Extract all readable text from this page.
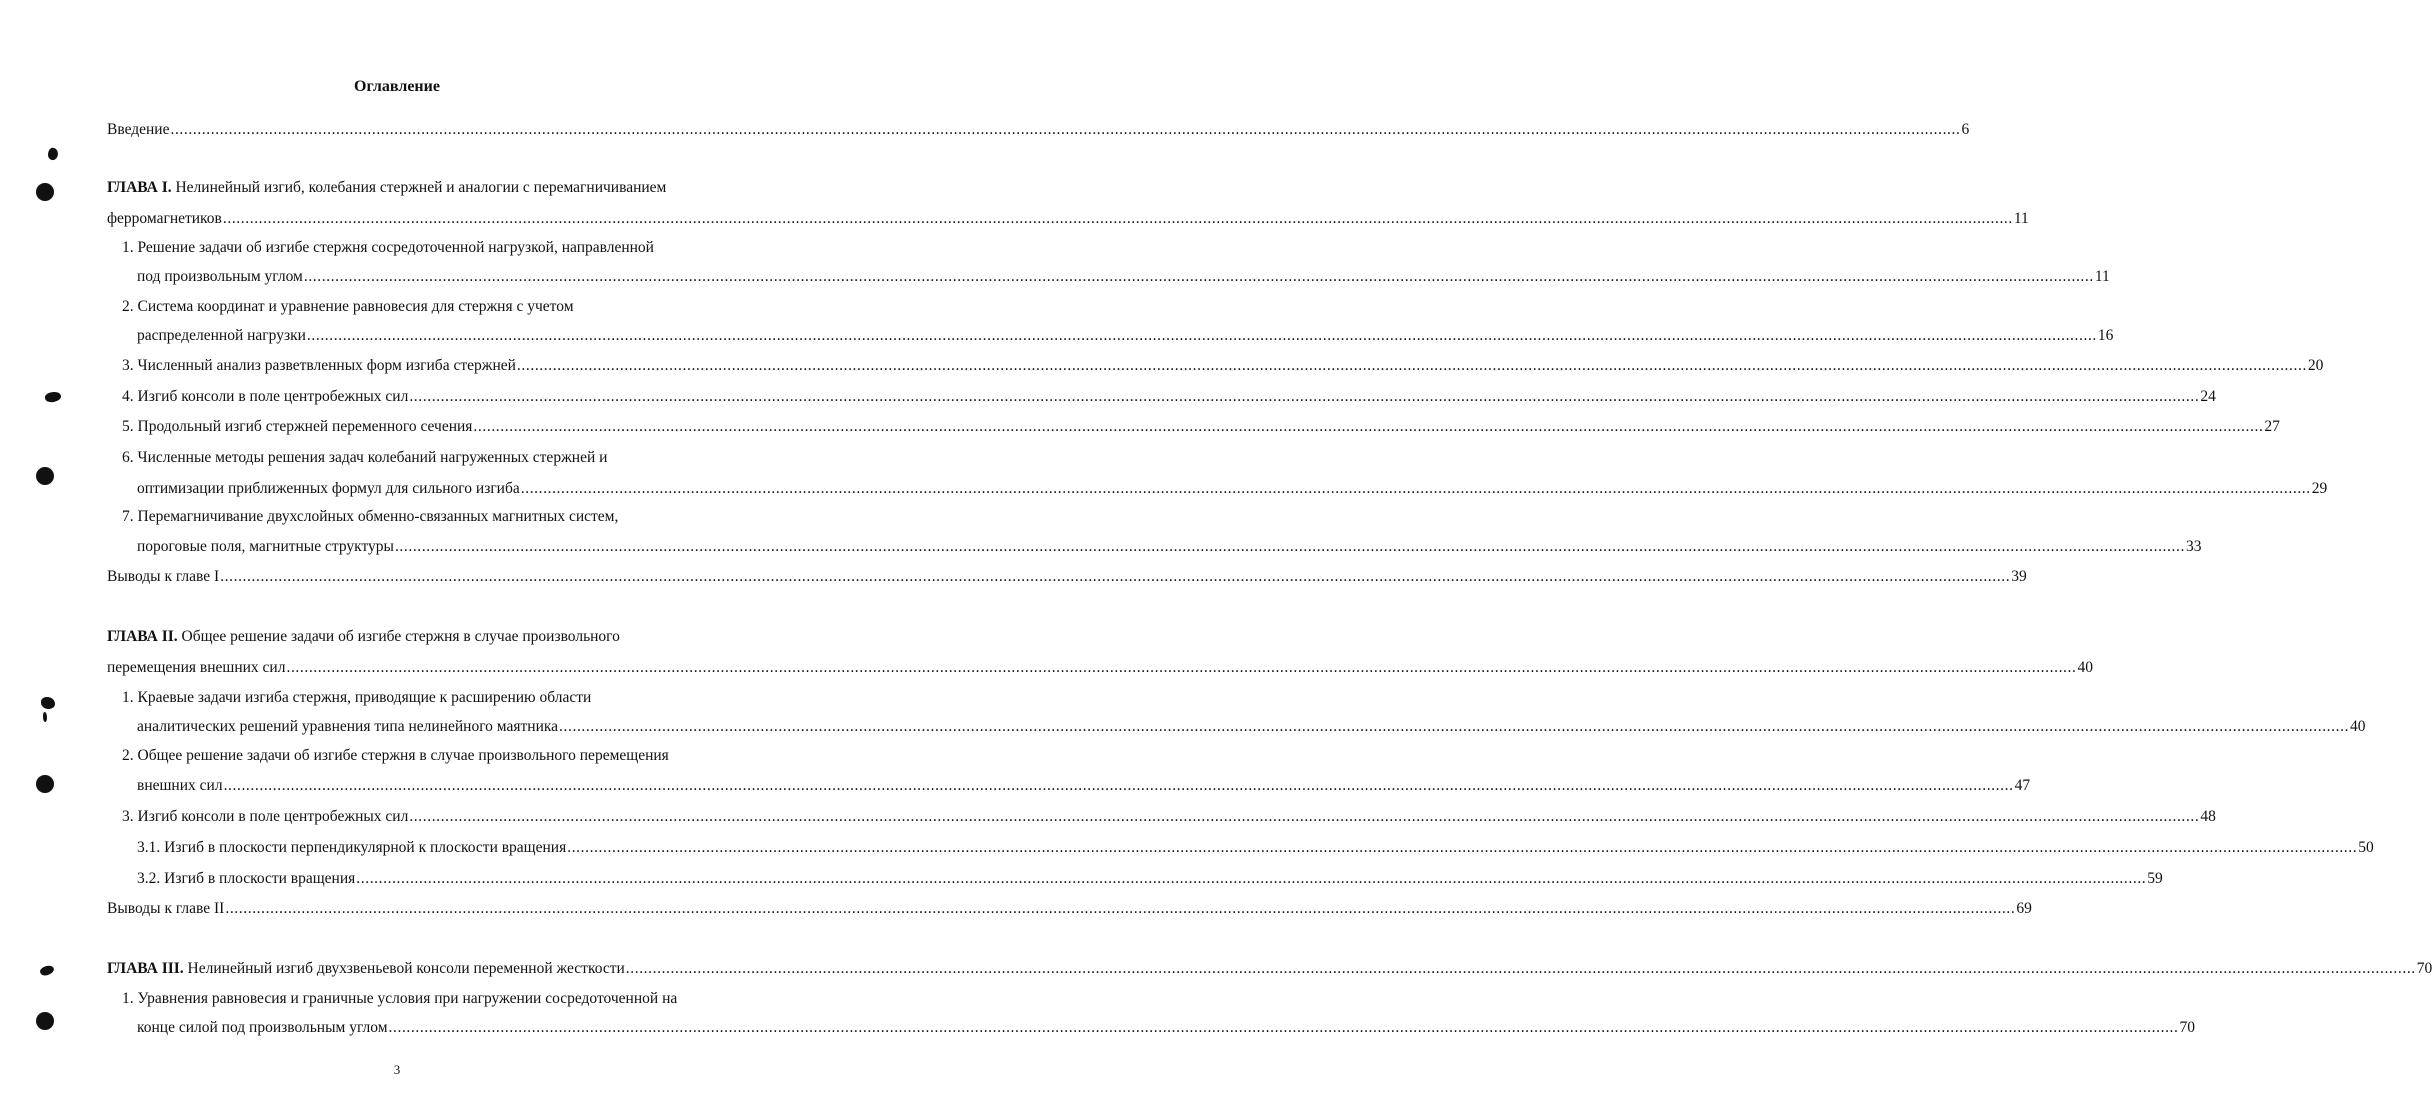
Оглавление
Введение ................................................................................................................................................................................................................................................................................................................................................................................................................ 6
ГЛАВА I. Нелинейный изгиб, колебания стержней и аналогии с перемагничиванием
ферромагнетиков ................................................................................................................................................................................................................................................................................................................................................................................................................ 11
1. Решение задачи об изгибе стержня сосредоточенной нагрузкой, направленной
под произвольным углом ................................................................................................................................................................................................................................................................................................................................................................................................................ 11
2. Система координат и уравнение равновесия для стержня с учетом
распределенной нагрузки ................................................................................................................................................................................................................................................................................................................................................................................................................ 16
3. Численный анализ разветвленных форм изгиба стержней ................................................................................................................................................................................................................................................................................................................................................................................................................ 20
4. Изгиб консоли в поле центробежных сил ................................................................................................................................................................................................................................................................................................................................................................................................................ 24
5. Продольный изгиб стержней переменного сечения ................................................................................................................................................................................................................................................................................................................................................................................................................ 27
6. Численные методы решения задач колебаний нагруженных стержней и
оптимизации приближенных формул для сильного изгиба ................................................................................................................................................................................................................................................................................................................................................................................................................ 29
7. Перемагничивание двухслойных обменно-связанных магнитных систем,
пороговые поля, магнитные структуры ................................................................................................................................................................................................................................................................................................................................................................................................................ 33
Выводы к главе I ................................................................................................................................................................................................................................................................................................................................................................................................................ 39
ГЛАВА II. Общее решение задачи об изгибе стержня в случае произвольного
перемещения внешних сил ................................................................................................................................................................................................................................................................................................................................................................................................................ 40
1. Краевые задачи изгиба стержня, приводящие к расширению области
аналитических решений уравнения типа нелинейного маятника ................................................................................................................................................................................................................................................................................................................................................................................................................ 40
2. Общее решение задачи об изгибе стержня в случае произвольного перемещения
внешних сил ................................................................................................................................................................................................................................................................................................................................................................................................................ 47
3. Изгиб консоли в поле центробежных сил ................................................................................................................................................................................................................................................................................................................................................................................................................ 48
3.1. Изгиб в плоскости перпендикулярной к плоскости вращения ................................................................................................................................................................................................................................................................................................................................................................................................................ 50
3.2. Изгиб в плоскости вращения ................................................................................................................................................................................................................................................................................................................................................................................................................ 59
Выводы к главе II ................................................................................................................................................................................................................................................................................................................................................................................................................ 69
ГЛАВА III. Нелинейный изгиб двухзвеньевой консоли переменной жесткости ................................................................................................................................................................................................................................................................................................................................................................................................................ 70
1. Уравнения равновесия и граничные условия при нагружении сосредоточенной на
конце силой под произвольным углом ................................................................................................................................................................................................................................................................................................................................................................................................................ 70
3
